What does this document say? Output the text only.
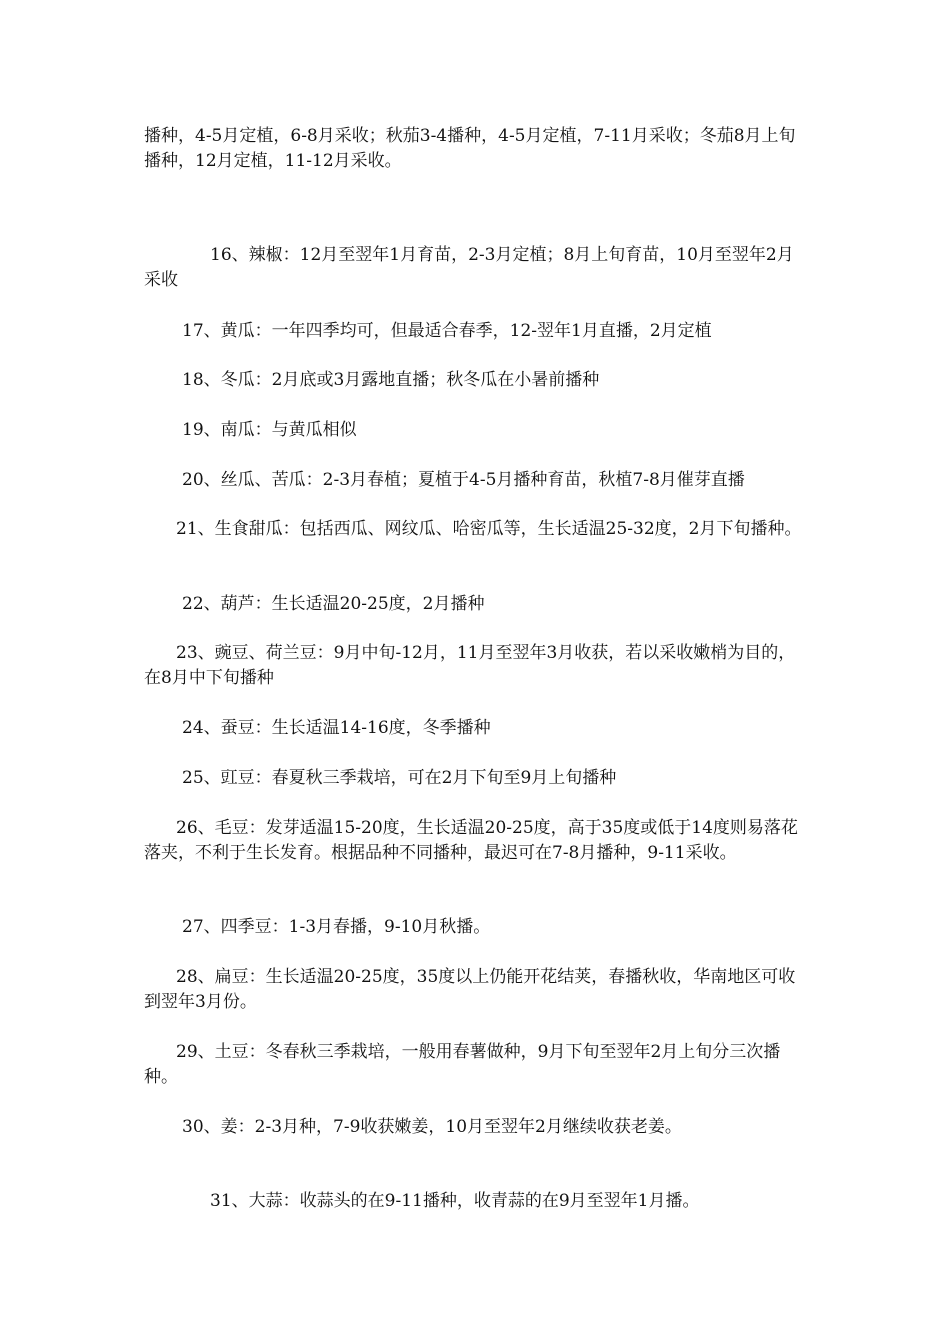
播种，4-5月定植，6-8月采收；秋茄3-4播种，4-5月定植，7-11月采收；冬茄8月上旬播种，12月定植，11-12月采收。

16、辣椒：12月至翌年1月育苗，2-3月定植；8月上旬育苗，10月至翌年2月采收

17、黄瓜：一年四季均可，但最适合春季，12-翌年1月直播，2月定植

18、冬瓜：2月底或3月露地直播；秋冬瓜在小暑前播种

19、南瓜：与黄瓜相似

20、丝瓜、苦瓜：2-3月春植；夏植于4-5月播种育苗，秋植7-8月催芽直播

21、生食甜瓜：包括西瓜、网纹瓜、哈密瓜等，生长适温25-32度，2月下旬播种。

22、葫芦：生长适温20-25度，2月播种

23、豌豆、荷兰豆：9月中旬-12月，11月至翌年3月收获，若以采收嫩梢为目的，在8月中下旬播种

24、蚕豆：生长适温14-16度，冬季播种

25、豇豆：春夏秋三季栽培，可在2月下旬至9月上旬播种

26、毛豆：发芽适温15-20度，生长适温20-25度，高于35度或低于14度则易落花落夹，不利于生长发育。根据品种不同播种，最迟可在7-8月播种，9-11采收。

27、四季豆：1-3月春播，9-10月秋播。

28、扁豆：生长适温20-25度，35度以上仍能开花结荚，春播秋收，华南地区可收到翌年3月份。

29、土豆：冬春秋三季栽培，一般用春薯做种，9月下旬至翌年2月上旬分三次播种。

30、姜：2-3月种，7-9收获嫩姜，10月至翌年2月继续收获老姜。

31、大蒜：收蒜头的在9-11播种，收青蒜的在9月至翌年1月播。
